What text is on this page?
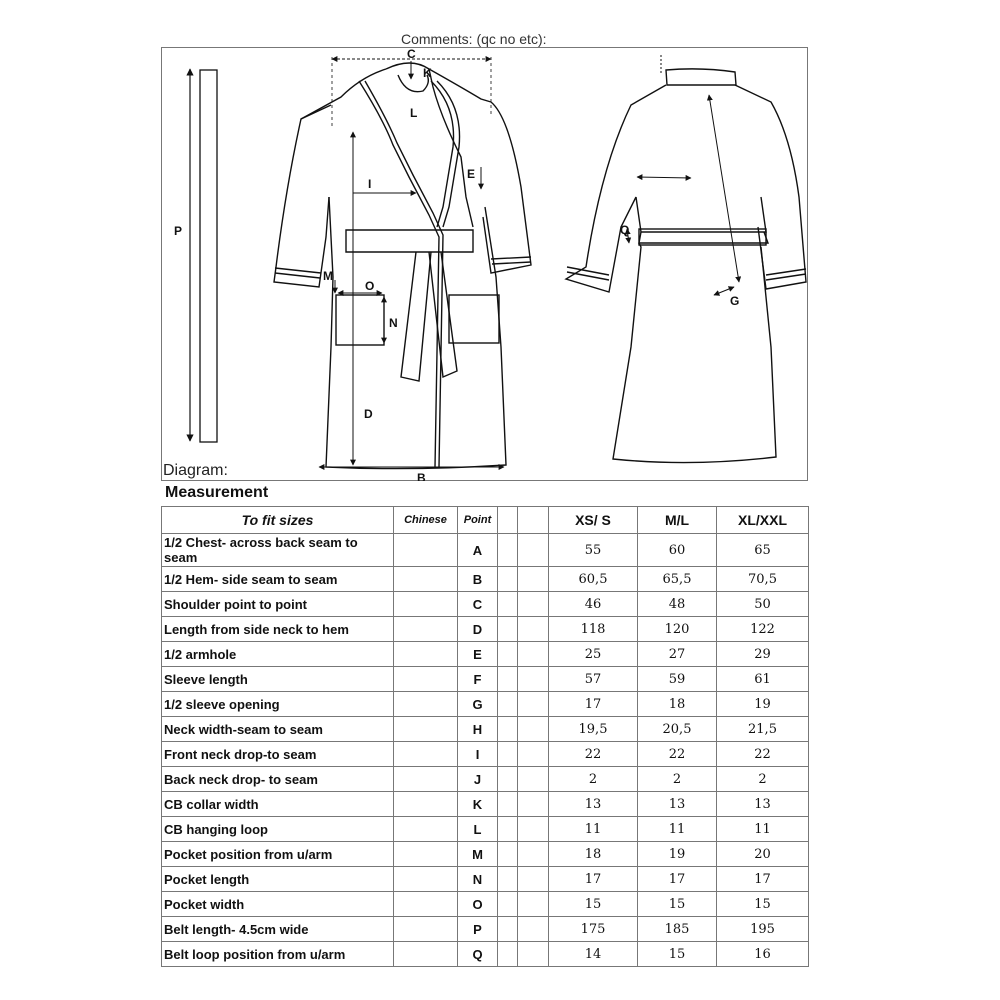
Comments: (qc no etc):
C
K
L
I
E
P
M
O
N
D
B
Q
G
Diagram:
Measurement
To fit sizes	Chinese	Point			XS/ S	M/L	XL/XXL
1/2 Chest- across back seam to seam		A			55	60	65
1/2 Hem- side seam to seam		B			60,5	65,5	70,5
Shoulder point to point		C			46	48	50
Length from side neck to hem		D			118	120	122
1/2 armhole		E			25	27	29
Sleeve length		F			57	59	61
1/2 sleeve opening		G			17	18	19
Neck width-seam to seam		H			19,5	20,5	21,5
Front neck drop-to seam		I			22	22	22
Back neck drop- to seam		J			2	2	2
CB collar width		K			13	13	13
CB hanging loop		L			11	11	11
Pocket position from u/arm		M			18	19	20
Pocket length		N			17	17	17
Pocket width		O			15	15	15
Belt length- 4.5cm wide		P			175	185	195
Belt loop position from u/arm		Q			14	15	16
